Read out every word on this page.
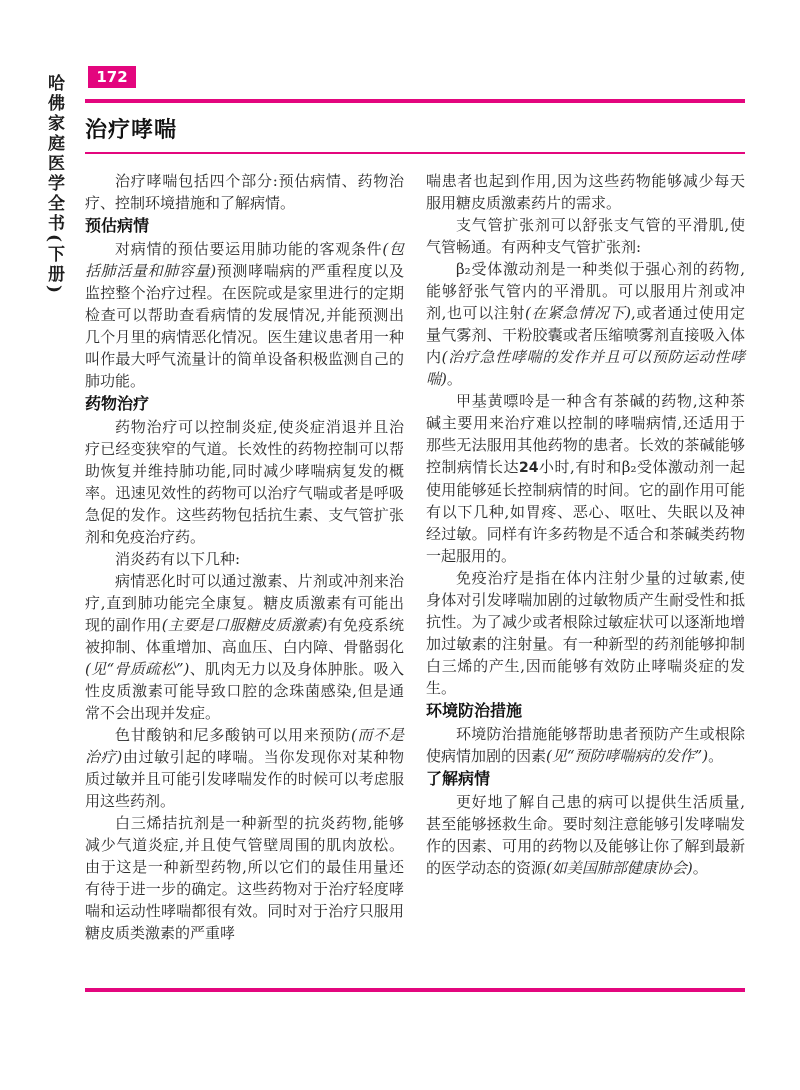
哈佛家庭医学全书(下册)	172
治疗哮喘

治疗哮喘包括四个部分:预估病情、药物治疗、控制环境措施和了解病情。

预估病情

对病情的预估要运用肺功能的客观条件(包括肺活量和肺容量)预测哮喘病的严重程度以及监控整个治疗过程。在医院或是家里进行的定期检查可以帮助查看病情的发展情况,并能预测出几个月里的病情恶化情况。医生建议患者用一种叫作最大呼气流量计的简单设备积极监测自己的肺功能。

药物治疗

药物治疗可以控制炎症,使炎症消退并且治疗已经变狭窄的气道。长效性的药物控制可以帮助恢复并维持肺功能,同时减少哮喘病复发的概率。迅速见效性的药物可以治疗气喘或者是呼吸急促的发作。这些药物包括抗生素、支气管扩张剂和免疫治疗药。

消炎药有以下几种:

病情恶化时可以通过激素、片剂或冲剂来治疗,直到肺功能完全康复。糖皮质激素有可能出现的副作用(主要是口服糖皮质激素)有免疫系统被抑制、体重增加、高血压、白内障、骨骼弱化(见“骨质疏松”)、肌肉无力以及身体肿胀。吸入性皮质激素可能导致口腔的念珠菌感染,但是通常不会出现并发症。

色甘酸钠和尼多酸钠可以用来预防(而不是治疗)由过敏引起的哮喘。当你发现你对某种物质过敏并且可能引发哮喘发作的时候可以考虑服用这些药剂。

白三烯拮抗剂是一种新型的抗炎药物,能够减少气道炎症,并且使气管壁周围的肌肉放松。由于这是一种新型药物,所以它们的最佳用量还有待于进一步的确定。这些药物对于治疗轻度哮喘和运动性哮喘都很有效。同时对于治疗只服用糖皮质类激素的严重哮

喘患者也起到作用,因为这些药物能够减少每天服用糖皮质激素药片的需求。

支气管扩张剂可以舒张支气管的平滑肌,使气管畅通。有两种支气管扩张剂:

β₂受体激动剂是一种类似于强心剂的药物,能够舒张气管内的平滑肌。可以服用片剂或冲剂,也可以注射(在紧急情况下),或者通过使用定量气雾剂、干粉胶囊或者压缩喷雾剂直接吸入体内(治疗急性哮喘的发作并且可以预防运动性哮喘)。

甲基黄嘌呤是一种含有茶碱的药物,这种茶碱主要用来治疗难以控制的哮喘病情,还适用于那些无法服用其他药物的患者。长效的茶碱能够控制病情长达24小时,有时和β₂受体激动剂一起使用能够延长控制病情的时间。它的副作用可能有以下几种,如胃疼、恶心、呕吐、失眠以及神经过敏。同样有许多药物是不适合和茶碱类药物一起服用的。

免疫治疗是指在体内注射少量的过敏素,使身体对引发哮喘加剧的过敏物质产生耐受性和抵抗性。为了减少或者根除过敏症状可以逐渐地增加过敏素的注射量。有一种新型的药剂能够抑制白三烯的产生,因而能够有效防止哮喘炎症的发生。

环境防治措施

环境防治措施能够帮助患者预防产生或根除使病情加剧的因素(见“预防哮喘病的发作”)。

了解病情

更好地了解自己患的病可以提供生活质量,甚至能够拯救生命。要时刻注意能够引发哮喘发作的因素、可用的药物以及能够让你了解到最新的医学动态的资源(如美国肺部健康协会)。
